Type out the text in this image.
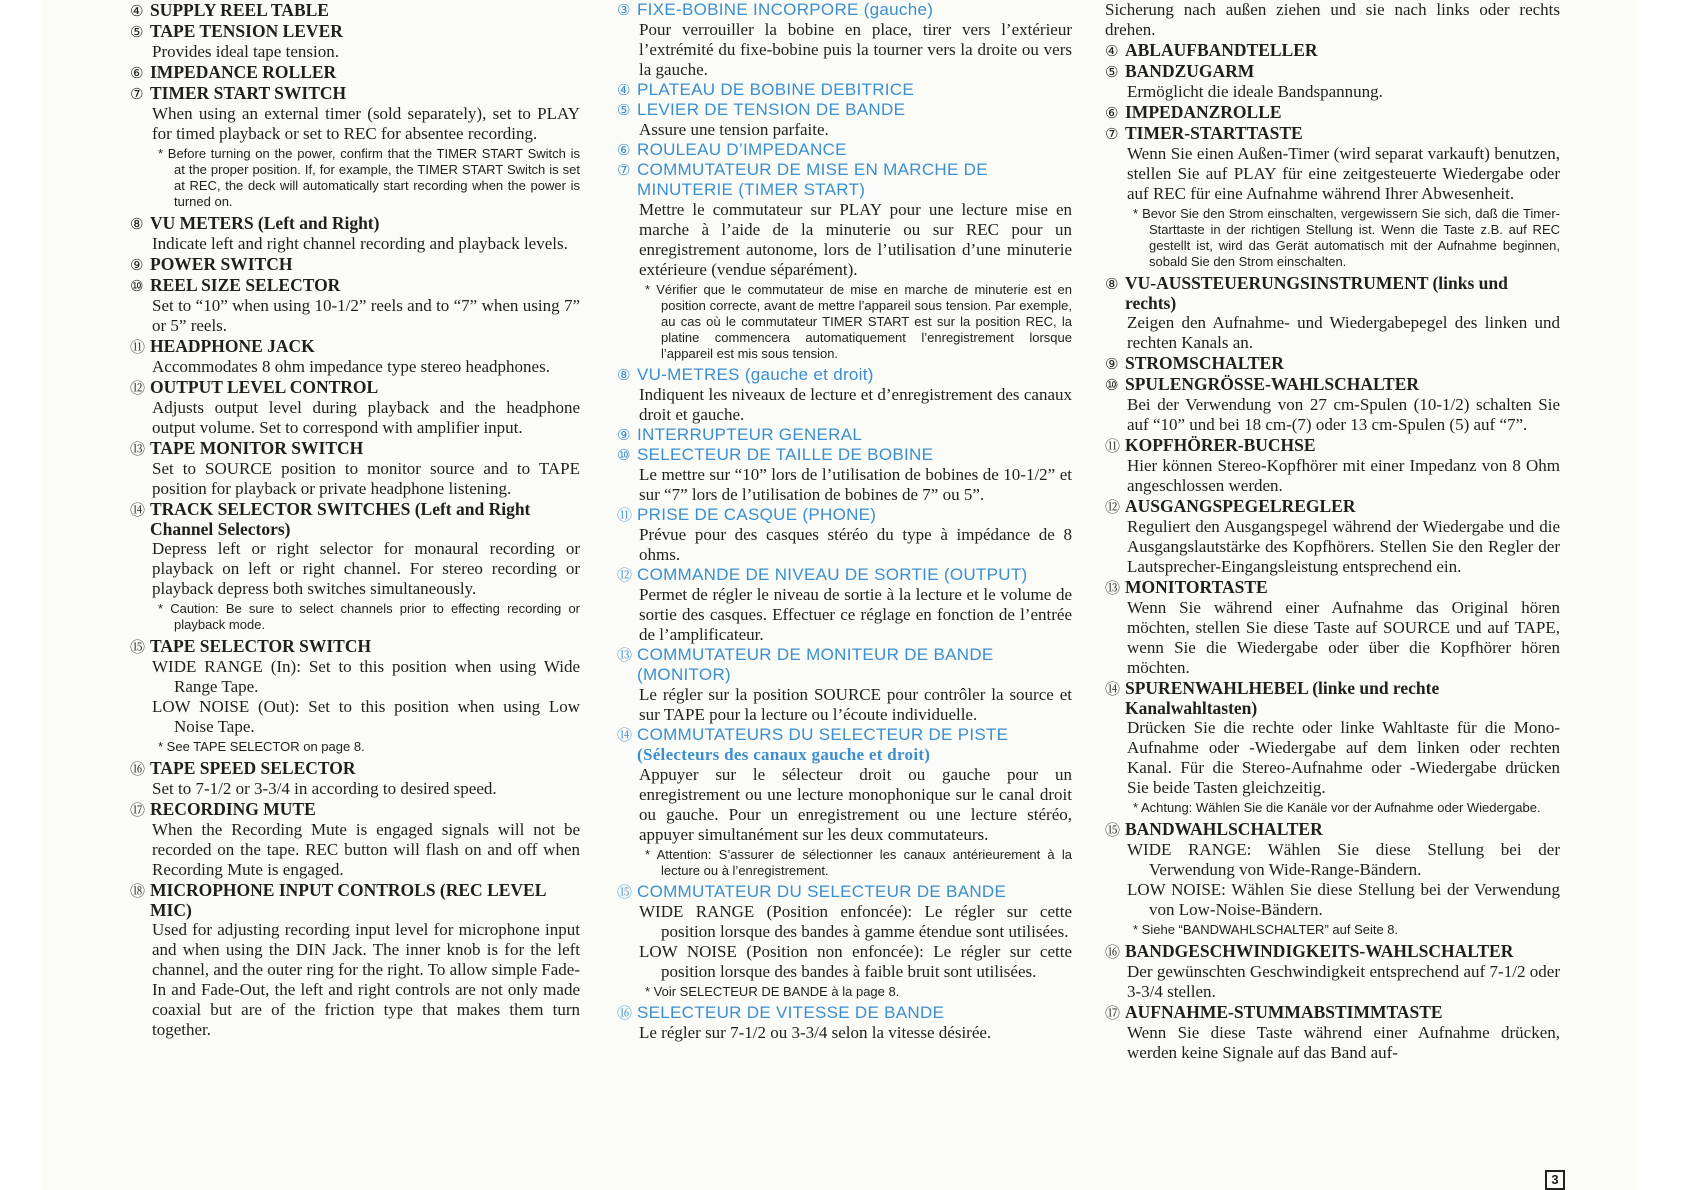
④ SUPPLY REEL TABLE
⑤ TAPE TENSION LEVER
Provides ideal tape tension.
⑥ IMPEDANCE ROLLER
⑦ TIMER START SWITCH
When using an external timer (sold separately), set to PLAY for timed playback or set to REC for absentee recording.
* Before turning on the power, confirm that the TIMER START Switch is at the proper position. If, for example, the TIMER START Switch is set at REC, the deck will automatically start recording when the power is turned on.
⑧ VU METERS (Left and Right)
Indicate left and right channel recording and playback levels.
⑨ POWER SWITCH
⑩ REEL SIZE SELECTOR
Set to “10” when using 10-1/2” reels and to “7” when using 7” or 5” reels.
⑪ HEADPHONE JACK
Accommodates 8 ohm impedance type stereo headphones.
⑫ OUTPUT LEVEL CONTROL
Adjusts output level during playback and the headphone output volume. Set to correspond with amplifier input.
⑬ TAPE MONITOR SWITCH
Set to SOURCE position to monitor source and to TAPE position for playback or private headphone listening.
⑭ TRACK SELECTOR SWITCHES (Left and Right Channel Selectors)
Depress left or right selector for monaural recording or playback on left or right channel. For stereo recording or playback depress both switches simultaneously.
* Caution: Be sure to select channels prior to effecting recording or playback mode.
⑮ TAPE SELECTOR SWITCH
WIDE RANGE (In): Set to this position when using Wide Range Tape.
LOW NOISE (Out): Set to this position when using Low Noise Tape.
* See TAPE SELECTOR on page 8.
⑯ TAPE SPEED SELECTOR
Set to 7-1/2 or 3-3/4 in according to desired speed.
⑰ RECORDING MUTE
When the Recording Mute is engaged signals will not be recorded on the tape. REC button will flash on and off when Recording Mute is engaged.
⑱ MICROPHONE INPUT CONTROLS (REC LEVEL MIC)
Used for adjusting recording input level for microphone input and when using the DIN Jack. The inner knob is for the left channel, and the outer ring for the right. To allow simple Fade-In and Fade-Out, the left and right controls are not only made coaxial but are of the friction type that makes them turn together.
③ FIXE-BOBINE INCORPORE (gauche)
Pour verrouiller la bobine en place, tirer vers l’extérieur l’extrémité du fixe-bobine puis la tourner vers la droite ou vers la gauche.
④ PLATEAU DE BOBINE DEBITRICE
⑤ LEVIER DE TENSION DE BANDE
Assure une tension parfaite.
⑥ ROULEAU D’IMPEDANCE
⑦ COMMUTATEUR DE MISE EN MARCHE DE MINUTERIE (TIMER START)
Mettre le commutateur sur PLAY pour une lecture mise en marche à l’aide de la minuterie ou sur REC pour un enregistrement autonome, lors de l’utilisation d’une minuterie extérieure (vendue séparément).
* Vérifier que le commutateur de mise en marche de minuterie est en position correcte, avant de mettre l’appareil sous tension. Par exemple, au cas où le commutateur TIMER START est sur la position REC, la platine commencera automatiquement l’enregistrement lorsque l’appareil est mis sous tension.
⑧ VU-METRES (gauche et droit)
Indiquent les niveaux de lecture et d’enregistrement des canaux droit et gauche.
⑨ INTERRUPTEUR GENERAL
⑩ SELECTEUR DE TAILLE DE BOBINE
Le mettre sur “10” lors de l’utilisation de bobines de 10-1/2” et sur “7” lors de l’utilisation de bobines de 7” ou 5”.
⑪ PRISE DE CASQUE (PHONE)
Prévue pour des casques stéréo du type à impédance de 8 ohms.
⑫ COMMANDE DE NIVEAU DE SORTIE (OUTPUT)
Permet de régler le niveau de sortie à la lecture et le volume de sortie des casques. Effectuer ce réglage en fonction de l’entrée de l’amplificateur.
⑬ COMMUTATEUR DE MONITEUR DE BANDE (MONITOR)
Le régler sur la position SOURCE pour contrôler la source et sur TAPE pour la lecture ou l’écoute individuelle.
⑭ COMMUTATEURS DU SELECTEUR DE PISTE
(Sélecteurs des canaux gauche et droit)
Appuyer sur le sélecteur droit ou gauche pour un enregistrement ou une lecture monophonique sur le canal droit ou gauche. Pour un enregistrement ou une lecture stéréo, appuyer simultanément sur les deux commutateurs.
* Attention: S’assurer de sélectionner les canaux antérieurement à la lecture ou à l’enregistrement.
⑮ COMMUTATEUR DU SELECTEUR DE BANDE
WIDE RANGE (Position enfoncée): Le régler sur cette position lorsque des bandes à gamme étendue sont utilisées.
LOW NOISE (Position non enfoncée): Le régler sur cette position lorsque des bandes à faible bruit sont utilisées.
* Voir SELECTEUR DE BANDE à la page 8.
⑯ SELECTEUR DE VITESSE DE BANDE
Le régler sur 7-1/2 ou 3-3/4 selon la vitesse désirée.
Sicherung nach außen ziehen und sie nach links oder rechts drehen.
④ ABLAUFBANDTELLER
⑤ BANDZUGARM
Ermöglicht die ideale Bandspannung.
⑥ IMPEDANZROLLE
⑦ TIMER-STARTTASTE
Wenn Sie einen Außen-Timer (wird separat varkauft) benutzen, stellen Sie auf PLAY für eine zeitgesteuerte Wiedergabe oder auf REC für eine Aufnahme während Ihrer Abwesenheit.
* Bevor Sie den Strom einschalten, vergewissern Sie sich, daß die Timer-Starttaste in der richtigen Stellung ist. Wenn die Taste z.B. auf REC gestellt ist, wird das Gerät automatisch mit der Aufnahme beginnen, sobald Sie den Strom einschalten.
⑧ VU-AUSSTEUERUNGSINSTRUMENT (links und rechts)
Zeigen den Aufnahme- und Wiedergabepegel des linken und rechten Kanals an.
⑨ STROMSCHALTER
⑩ SPULENGRÖSSE-WAHLSCHALTER
Bei der Verwendung von 27 cm-Spulen (10-1/2) schalten Sie auf “10” und bei 18 cm-(7) oder 13 cm-Spulen (5) auf “7”.
⑪ KOPFHÖRER-BUCHSE
Hier können Stereo-Kopfhörer mit einer Impedanz von 8 Ohm angeschlossen werden.
⑫ AUSGANGSPEGELREGLER
Reguliert den Ausgangspegel während der Wiedergabe und die Ausgangslautstärke des Kopfhörers. Stellen Sie den Regler der Lautsprecher-Eingangsleistung entsprechend ein.
⑬ MONITORTASTE
Wenn Sie während einer Aufnahme das Original hören möchten, stellen Sie diese Taste auf SOURCE und auf TAPE, wenn Sie die Wiedergabe oder über die Kopfhörer hören möchten.
⑭ SPURENWAHLHEBEL (linke und rechte Kanalwahltasten)
Drücken Sie die rechte oder linke Wahltaste für die Mono-Aufnahme oder -Wiedergabe auf dem linken oder rechten Kanal. Für die Stereo-Aufnahme oder -Wiedergabe drücken Sie beide Tasten gleichzeitig.
* Achtung: Wählen Sie die Kanäle vor der Aufnahme oder Wiedergabe.
⑮ BANDWAHLSCHALTER
WIDE RANGE: Wählen Sie diese Stellung bei der Verwendung von Wide-Range-Bändern.
LOW NOISE: Wählen Sie diese Stellung bei der Verwendung von Low-Noise-Bändern.
* Siehe “BANDWAHLSCHALTER” auf Seite 8.
⑯ BANDGESCHWINDIGKEITS-WAHLSCHALTER
Der gewünschten Geschwindigkeit entsprechend auf 7-1/2 oder 3-3/4 stellen.
⑰ AUFNAHME-STUMMABSTIMMTASTE
Wenn Sie diese Taste während einer Aufnahme drücken, werden keine Signale auf das Band auf-
3
